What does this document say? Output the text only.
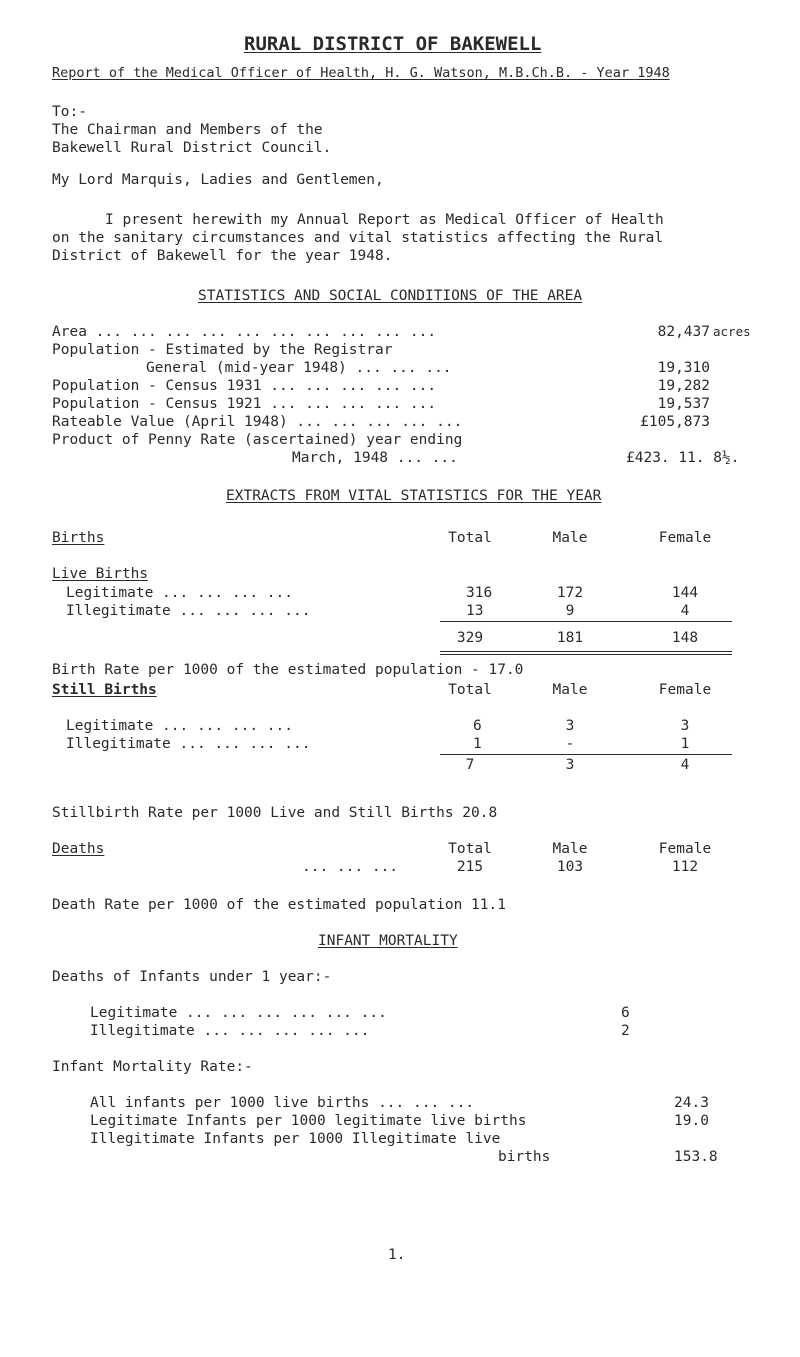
RURAL DISTRICT OF BAKEWELL
Report of the Medical Officer of Health, H. G. Watson, M.B.Ch.B. - Year 1948
To:-
The Chairman and Members of the
Bakewell Rural District Council.
My Lord Marquis, Ladies and Gentlemen,
I present herewith my Annual Report as Medical Officer of Health
on the sanitary circumstances and vital statistics affecting the Rural
District of Bakewell for the year 1948.
STATISTICS AND SOCIAL CONDITIONS OF THE AREA
Area ... ... ... ... ... ... ... ... ... ...	82,437 acres
Population - Estimated by the Registrar
General (mid-year 1948) ... ... ...	19,310
Population - Census 1931 ... ... ... ... ...	19,282
Population - Census 1921 ... ... ... ... ...	19,537
Rateable Value (April 1948) ... ... ... ... ...	£105,873
Product of Penny Rate (ascertained) year ending
March, 1948 ... ...	£423. 11. 8½.
EXTRACTS FROM VITAL STATISTICS FOR THE YEAR
Births	Total	Male	Female
Live Births
Legitimate ... ... ... ...	316	172	144
Illegitimate ... ... ... ...	13	9	4
329	181	148
Birth Rate per 1000 of the estimated population - 17.0
Still Births	Total	Male	Female
Legitimate ... ... ... ...	6	3	3
Illegitimate ... ... ... ...	1	-	1
7	3	4
Stillbirth Rate per 1000 Live and Still Births 20.8
Deaths	Total	Male	Female
... ... ...	215	103	112
Death Rate per 1000 of the estimated population 11.1
INFANT MORTALITY
Deaths of Infants under 1 year:-
Legitimate ... ... ... ... ... ...	6
Illegitimate ... ... ... ... ...	2
Infant Mortality Rate:-
All infants per 1000 live births ... ... ...	24.3
Legitimate Infants per 1000 legitimate live births	19.0
Illegitimate Infants per 1000 Illegitimate live
births	153.8
1.
